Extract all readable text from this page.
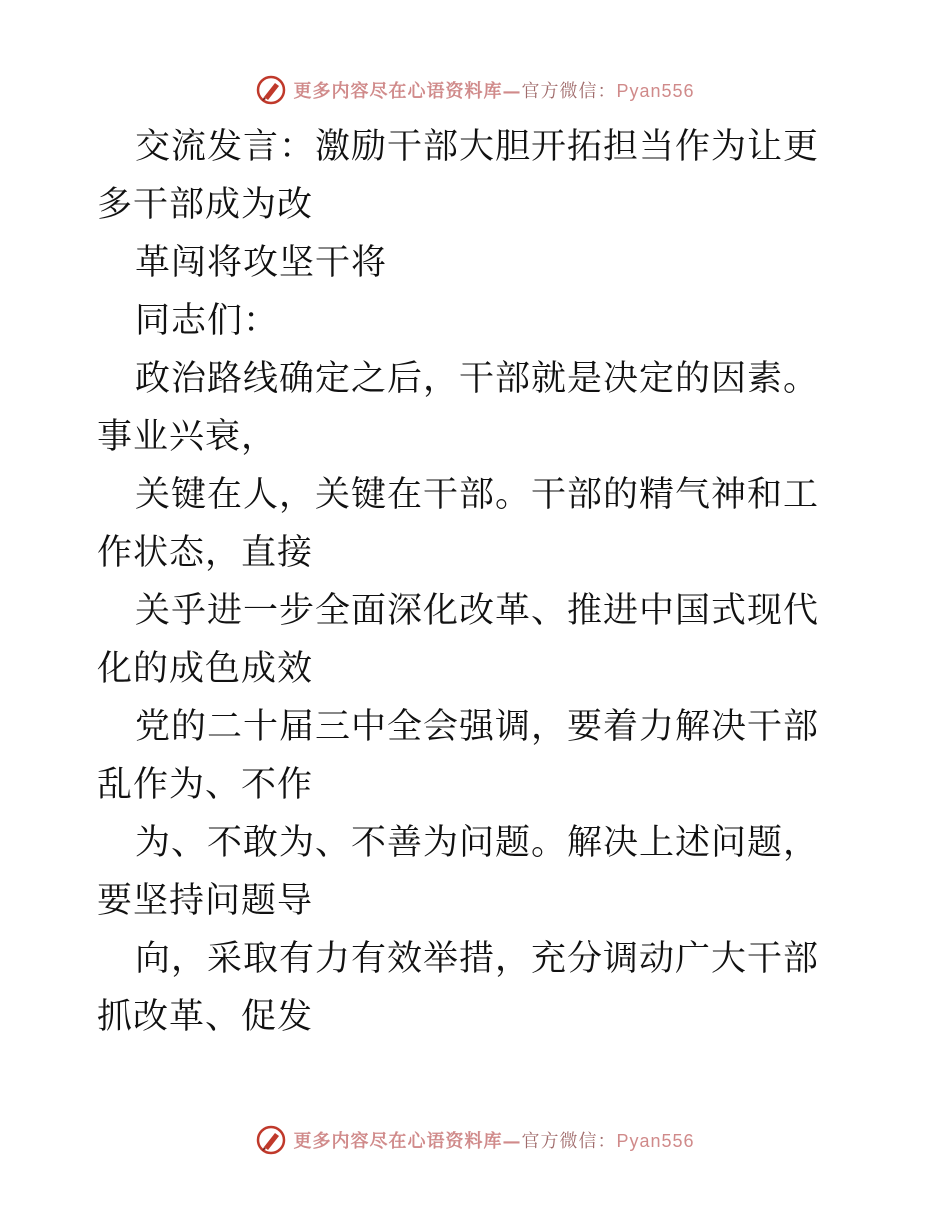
更多内容尽在心语资料库—官方微信：Pyan556

交流发言：激励干部大胆开拓担当作为让更多干部成为改

革闯将攻坚干将

同志们：

政治路线确定之后，干部就是决定的因素。事业兴衰，

关键在人，关键在干部。干部的精气神和工作状态，直接

关乎进一步全面深化改革、推进中国式现代化的成色成效

党的二十届三中全会强调，要着力解决干部乱作为、不作

为、不敢为、不善为问题。解决上述问题，要坚持问题导

向，采取有力有效举措，充分调动广大干部抓改革、促发

更多内容尽在心语资料库—官方微信：Pyan556
